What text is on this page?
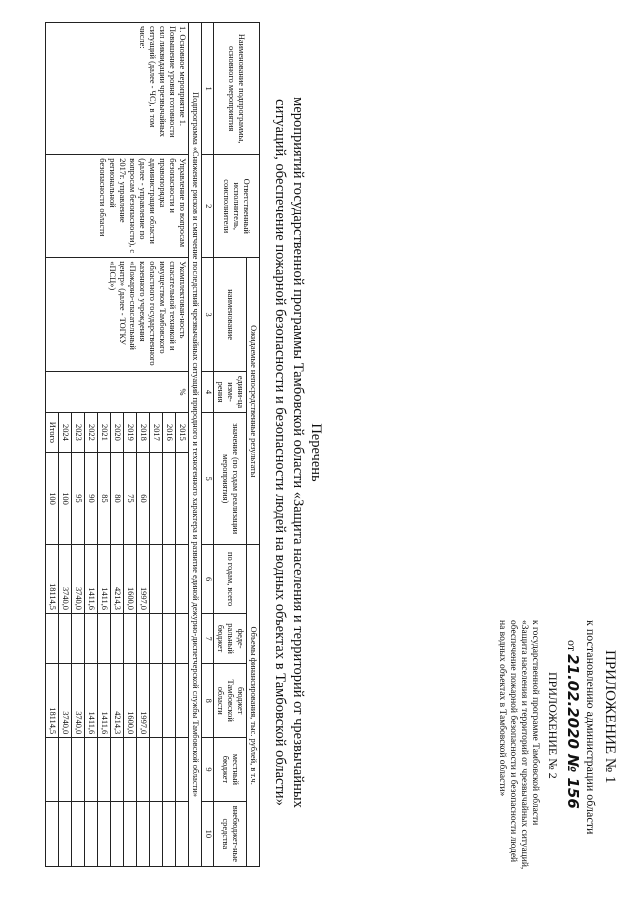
ПРИЛОЖЕНИЕ № 1
к постановлению администрации области
от 21.02.2020 № 156
ПРИЛОЖЕНИЕ № 2
к государственной программе Тамбовской области
«Защита населения и территорий от чрезвычайных ситуаций,
обеспечение пожарной безопасности и безопасности людей
на водных объектах в Тамбовской области»
Перечень
мероприятий государственной программы Тамбовской области «Защита населения и территорий от чрезвычайных
ситуаций, обеспечение пожарной безопасности и безопасности людей на водных объектах в Тамбовской области»
Наименование подпрограммы, основного мероприятия	Ответственный исполнитель, соисполнители	Ожидаемые непосредственные результаты				Объемы финансирования, тыс. рублей, в т.ч.				
		наименование	едини-ца изме-рения	значение (по годам реализации мероприятия)		по годам, всего	феде-ральный бюджет	бюджет Тамбовской области	местный бюджет	внебюджет-ные средства
1	2	3	4	5		6	7	8	9	10
Подпрограмма «Снижение рисков и смягчение последствий чрезвычайных ситуаций природного и техногенного характера и развитие единой дежурно-диспетчерской службы Тамбовской области»										
1. Основное мероприятие 1. Повышение уровня готовности сил ликвидации чрезвычайных ситуаций (далее - ЧС), в том числе:	Управление по вопросам безопасности и правопорядка администрации области (далее - управление по вопросам безопасности), с 2017г. управление региональной безопасности области	Укомплектован-ность спасательной техникой и имуществом Тамбовского областного государственного казенного учреждения «Пожарно-спасательный центр» (далее - ТОГКУ «ПСЦ»)	%	2015						
				2016						
				2017						
				2018	60	1997,0		1997,0		
				2019	75	1600,0		1600,0		
				2020	80	4214,3		4214,3		
				2021	85	1411,6		1411,6		
				2022	90	1411,6		1411,6		
				2023	95	3740,0		3740,0		
				2024	100	3740,0		3740,0		
				Итого	100	18114,5		18114,5		
